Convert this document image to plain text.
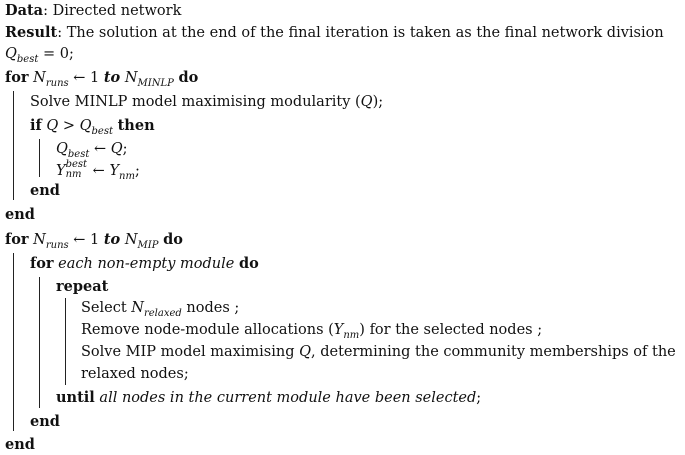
Data: Directed network
Result: The solution at the end of the final iteration is taken as the final network division
$Q_{best} = 0$;
for $N_{runs}$ ← 1 to $N_{MINLP}$ do
Solve MINLP model maximising modularity (Q);
if $Q > Q_{best}$ then
$Q_{best}$ ← Q;
Y best
nm ← $Y_{nm}$;
end
end
for $N_{runs}$ ← 1 to $N_{MIP}$ do
for each non-empty module do
repeat
Select $N_{relaxed}$ nodes ;
Remove node-module allocations $(Y_{nm})$ for the selected nodes ;
Solve MIP model maximising Q, determining the community memberships of the
relaxed nodes;
until all nodes in the current module have been selected;
end
end
